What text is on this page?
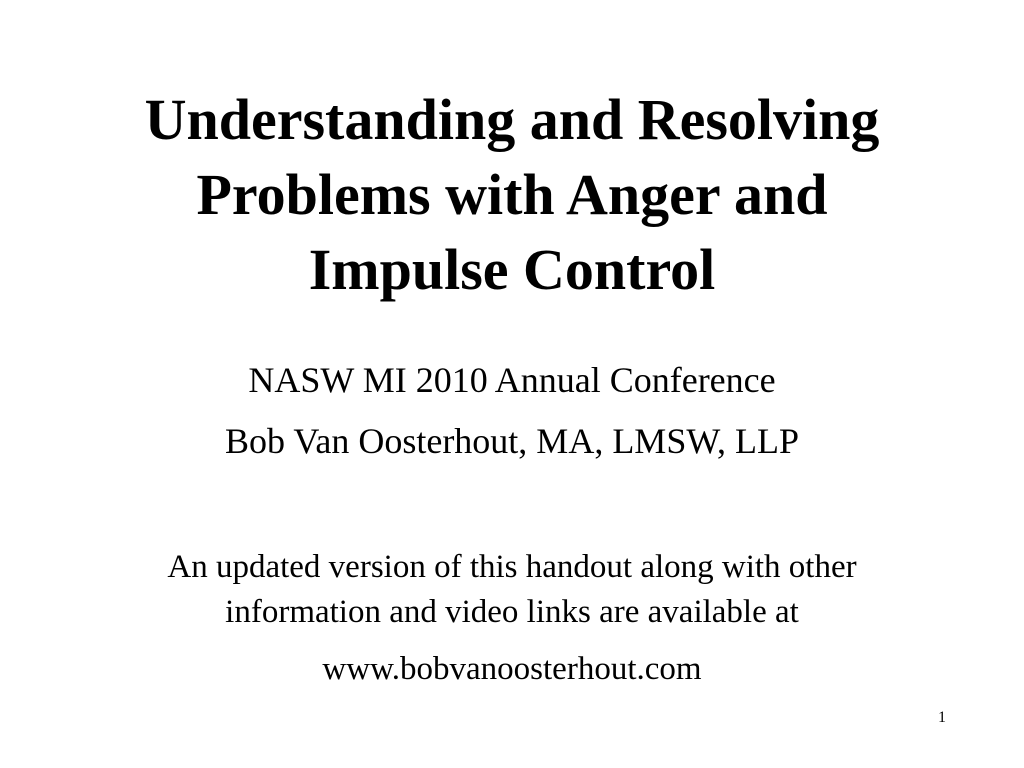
Understanding and Resolving
Problems with Anger and
Impulse Control
NASW MI 2010 Annual Conference
Bob Van Oosterhout, MA, LMSW, LLP
An updated version of this handout along with other
information and video links are available at
www.bobvanoosterhout.com
1
